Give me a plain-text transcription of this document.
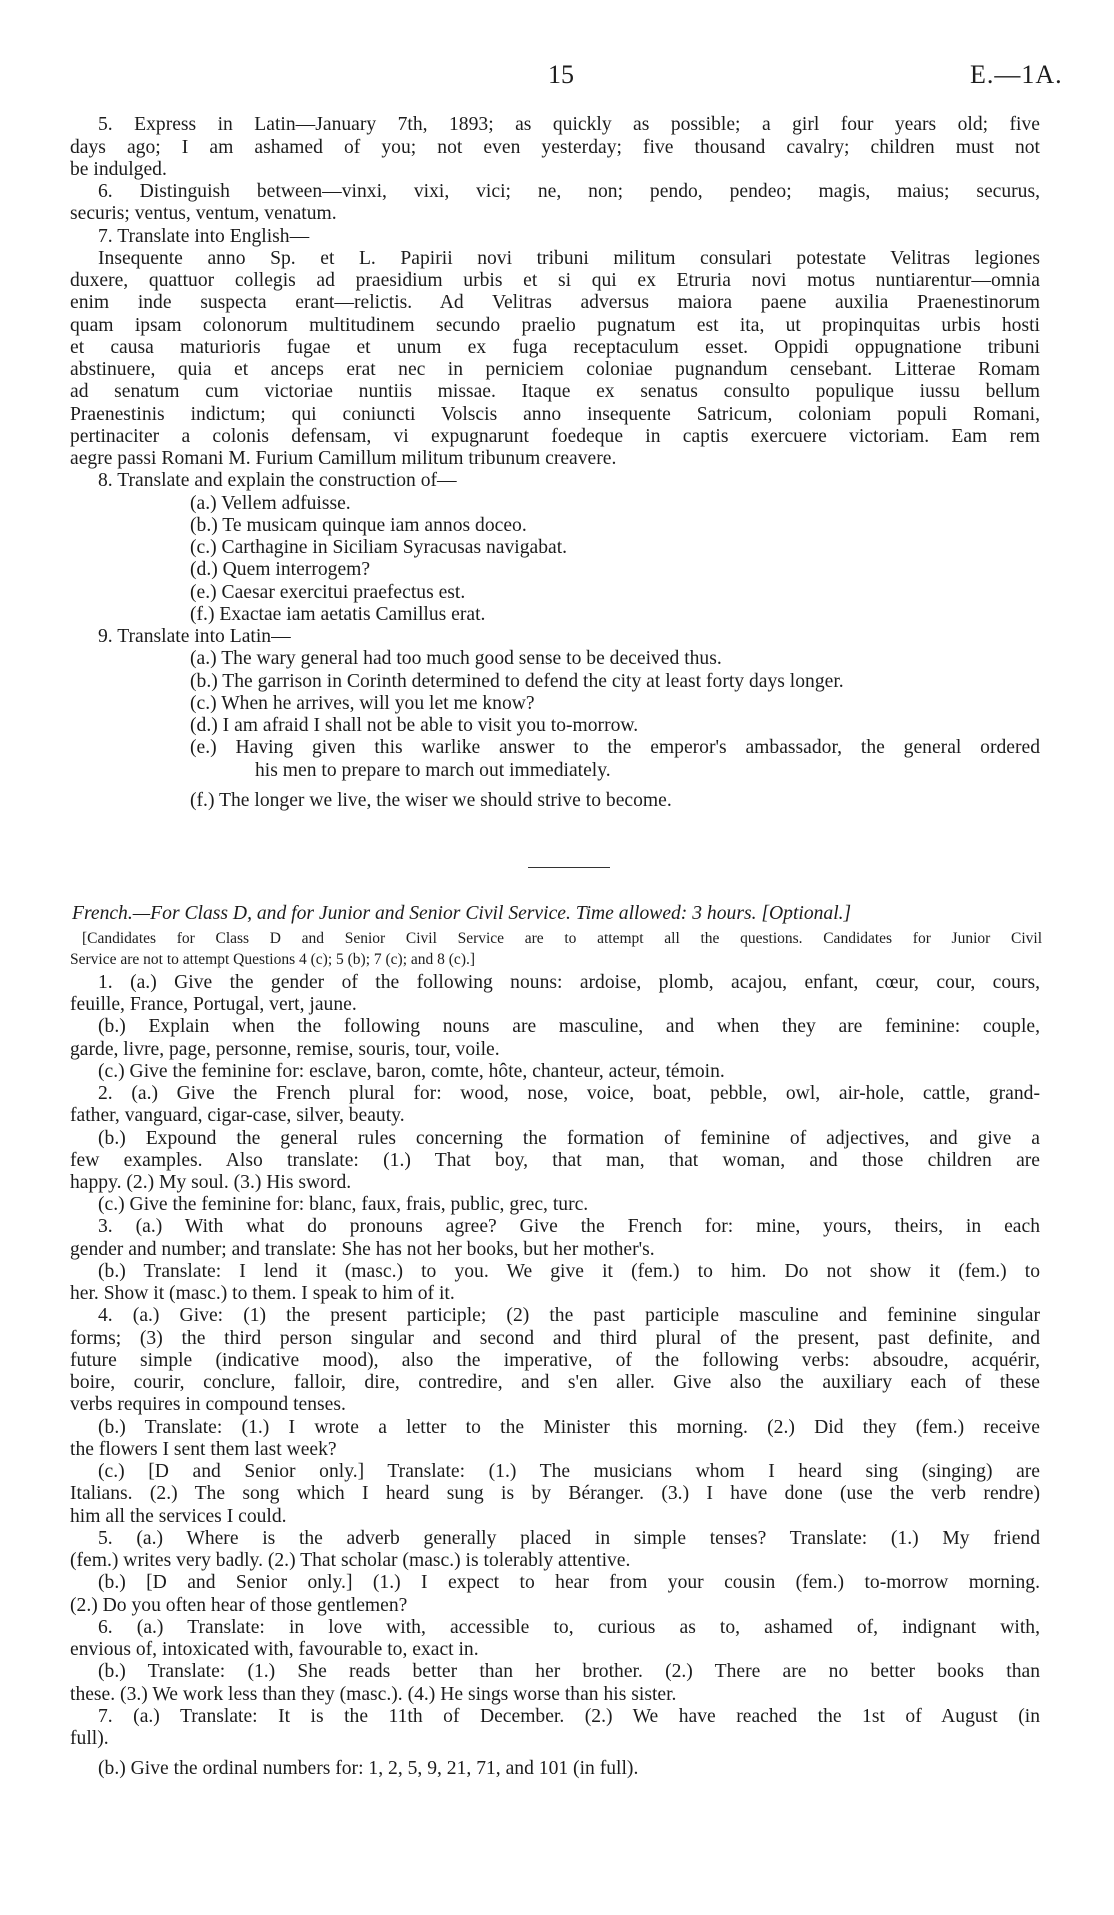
15	E.—1A.
5. Express in Latin—January 7th, 1893; as quickly as possible; a girl four years old; five
days ago; I am ashamed of you; not even yesterday; five thousand cavalry; children must not
be indulged.
6. Distinguish between—vinxi, vixi, vici; ne, non; pendo, pendeo; magis, maius; securus,
securis; ventus, ventum, venatum.
7. Translate into English—
Insequente anno Sp. et L. Papirii novi tribuni militum consulari potestate Velitras legiones
duxere, quattuor collegis ad praesidium urbis et si qui ex Etruria novi motus nuntiarentur—omnia
enim inde suspecta erant—relictis. Ad Velitras adversus maiora paene auxilia Praenestinorum
quam ipsam colonorum multitudinem secundo praelio pugnatum est ita, ut propinquitas urbis hosti
et causa maturioris fugae et unum ex fuga receptaculum esset. Oppidi oppugnatione tribuni
abstinuere, quia et anceps erat nec in perniciem coloniae pugnandum censebant. Litterae Romam
ad senatum cum victoriae nuntiis missae. Itaque ex senatus consulto populique iussu bellum
Praenestinis indictum; qui coniuncti Volscis anno insequente Satricum, coloniam populi Romani,
pertinaciter a colonis defensam, vi expugnarunt foedeque in captis exercuere victoriam. Eam rem
aegre passi Romani M. Furium Camillum militum tribunum creavere.
8. Translate and explain the construction of—
(a.) Vellem adfuisse.
(b.) Te musicam quinque iam annos doceo.
(c.) Carthagine in Siciliam Syracusas navigabat.
(d.) Quem interrogem?
(e.) Caesar exercitui praefectus est.
(f.) Exactae iam aetatis Camillus erat.
9. Translate into Latin—
(a.) The wary general had too much good sense to be deceived thus.
(b.) The garrison in Corinth determined to defend the city at least forty days longer.
(c.) When he arrives, will you let me know?
(d.) I am afraid I shall not be able to visit you to-morrow.
(e.) Having given this warlike answer to the emperor's ambassador, the general ordered
his men to prepare to march out immediately.
(f.) The longer we live, the wiser we should strive to become.
French.—For Class D, and for Junior and Senior Civil Service. Time allowed: 3 hours. [Optional.]
[Candidates for Class D and Senior Civil Service are to attempt all the questions. Candidates for Junior Civil
Service are not to attempt Questions 4 (c); 5 (b); 7 (c); and 8 (c).]
1. (a.) Give the gender of the following nouns: ardoise, plomb, acajou, enfant, cœur, cour, cours,
feuille, France, Portugal, vert, jaune.
(b.) Explain when the following nouns are masculine, and when they are feminine: couple,
garde, livre, page, personne, remise, souris, tour, voile.
(c.) Give the feminine for: esclave, baron, comte, hôte, chanteur, acteur, témoin.
2. (a.) Give the French plural for: wood, nose, voice, boat, pebble, owl, air-hole, cattle, grand-
father, vanguard, cigar-case, silver, beauty.
(b.) Expound the general rules concerning the formation of feminine of adjectives, and give a
few examples. Also translate: (1.) That boy, that man, that woman, and those children are
happy. (2.) My soul. (3.) His sword.
(c.) Give the feminine for: blanc, faux, frais, public, grec, turc.
3. (a.) With what do pronouns agree? Give the French for: mine, yours, theirs, in each
gender and number; and translate: She has not her books, but her mother's.
(b.) Translate: I lend it (masc.) to you. We give it (fem.) to him. Do not show it (fem.) to
her. Show it (masc.) to them. I speak to him of it.
4. (a.) Give: (1) the present participle; (2) the past participle masculine and feminine singular
forms; (3) the third person singular and second and third plural of the present, past definite, and
future simple (indicative mood), also the imperative, of the following verbs: absoudre, acquérir,
boire, courir, conclure, falloir, dire, contredire, and s'en aller. Give also the auxiliary each of these
verbs requires in compound tenses.
(b.) Translate: (1.) I wrote a letter to the Minister this morning. (2.) Did they (fem.) receive
the flowers I sent them last week?
(c.) [D and Senior only.] Translate: (1.) The musicians whom I heard sing (singing) are
Italians. (2.) The song which I heard sung is by Béranger. (3.) I have done (use the verb rendre)
him all the services I could.
5. (a.) Where is the adverb generally placed in simple tenses? Translate: (1.) My friend
(fem.) writes very badly. (2.) That scholar (masc.) is tolerably attentive.
(b.) [D and Senior only.] (1.) I expect to hear from your cousin (fem.) to-morrow morning.
(2.) Do you often hear of those gentlemen?
6. (a.) Translate: in love with, accessible to, curious as to, ashamed of, indignant with,
envious of, intoxicated with, favourable to, exact in.
(b.) Translate: (1.) She reads better than her brother. (2.) There are no better books than
these. (3.) We work less than they (masc.). (4.) He sings worse than his sister.
7. (a.) Translate: It is the 11th of December. (2.) We have reached the 1st of August (in
full).
(b.) Give the ordinal numbers for: 1, 2, 5, 9, 21, 71, and 101 (in full).
